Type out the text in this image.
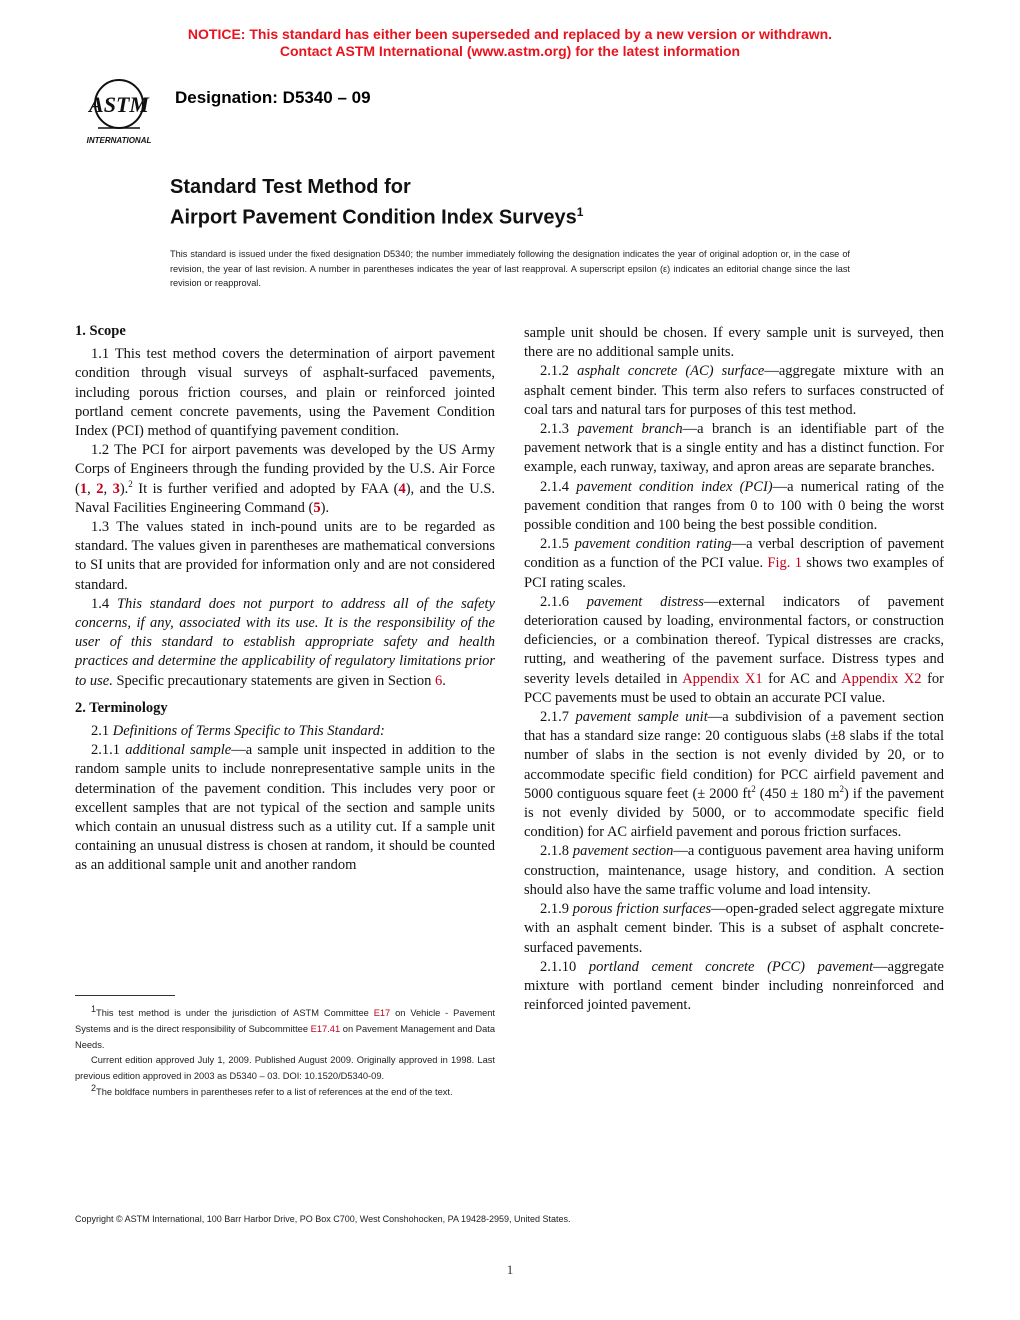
NOTICE: This standard has either been superseded and replaced by a new version or withdrawn.
Contact ASTM International (www.astm.org) for the latest information
ASTM
INTERNATIONAL
Designation: D5340 – 09
Standard Test Method for
Airport Pavement Condition Index Surveys$^1$
This standard is issued under the fixed designation D5340; the number immediately following the designation indicates the year of original adoption or, in the case of revision, the year of last revision. A number in parentheses indicates the year of last reapproval. A superscript epsilon (ε) indicates an editorial change since the last revision or reapproval.

1. Scope

1.1 This test method covers the determination of airport pavement condition through visual surveys of asphalt-surfaced pavements, including porous friction courses, and plain or reinforced jointed portland cement concrete pavements, using the Pavement Condition Index (PCI) method of quantifying pavement condition.

1.2 The PCI for airport pavements was developed by the US Army Corps of Engineers through the funding provided by the U.S. Air Force (1, 2, 3).$^2$ It is further verified and adopted by FAA (4), and the U.S. Naval Facilities Engineering Command (5).

1.3 The values stated in inch-pound units are to be regarded as standard. The values given in parentheses are mathematical conversions to SI units that are provided for information only and are not considered standard.

1.4 This standard does not purport to address all of the safety concerns, if any, associated with its use. It is the responsibility of the user of this standard to establish appropriate safety and health practices and determine the applicability of regulatory limitations prior to use. Specific precautionary statements are given in Section 6.

2. Terminology

2.1 Definitions of Terms Specific to This Standard:

2.1.1 additional sample—a sample unit inspected in addition to the random sample units to include nonrepresentative sample units in the determination of the pavement condition. This includes very poor or excellent samples that are not typical of the section and sample units which contain an unusual distress such as a utility cut. If a sample unit containing an unusual distress is chosen at random, it should be counted as an additional sample unit and another random

sample unit should be chosen. If every sample unit is surveyed, then there are no additional sample units.

2.1.2 asphalt concrete (AC) surface—aggregate mixture with an asphalt cement binder. This term also refers to surfaces constructed of coal tars and natural tars for purposes of this test method.

2.1.3 pavement branch—a branch is an identifiable part of the pavement network that is a single entity and has a distinct function. For example, each runway, taxiway, and apron areas are separate branches.

2.1.4 pavement condition index (PCI)—a numerical rating of the pavement condition that ranges from 0 to 100 with 0 being the worst possible condition and 100 being the best possible condition.

2.1.5 pavement condition rating—a verbal description of pavement condition as a function of the PCI value. Fig. 1 shows two examples of PCI rating scales.

2.1.6 pavement distress—external indicators of pavement deterioration caused by loading, environmental factors, or construction deficiencies, or a combination thereof. Typical distresses are cracks, rutting, and weathering of the pavement surface. Distress types and severity levels detailed in Appendix X1 for AC and Appendix X2 for PCC pavements must be used to obtain an accurate PCI value.

2.1.7 pavement sample unit—a subdivision of a pavement section that has a standard size range: 20 contiguous slabs (±8 slabs if the total number of slabs in the section is not evenly divided by 20, or to accommodate specific field condition) for PCC airfield pavement and 5000 contiguous square feet (± 2000 $ft^2$ (450 ± 180 $m^2$) if the pavement is not evenly divided by 5000, or to accommodate specific field condition) for AC airfield pavement and porous friction surfaces.

2.1.8 pavement section—a contiguous pavement area having uniform construction, maintenance, usage history, and condition. A section should also have the same traffic volume and load intensity.

2.1.9 porous friction surfaces—open-graded select aggregate mixture with an asphalt cement binder. This is a subset of asphalt concrete-surfaced pavements.

2.1.10 portland cement concrete (PCC) pavement—aggregate mixture with portland cement binder including nonreinforced and reinforced jointed pavement.

1This test method is under the jurisdiction of ASTM Committee E17 on Vehicle - Pavement Systems and is the direct responsibility of Subcommittee E17.41 on Pavement Management and Data Needs.

Current edition approved July 1, 2009. Published August 2009. Originally approved in 1998. Last previous edition approved in 2003 as D5340 – 03. DOI: 10.1520/D5340-09.

2The boldface numbers in parentheses refer to a list of references at the end of the text.

Copyright © ASTM International, 100 Barr Harbor Drive, PO Box C700, West Conshohocken, PA 19428-2959, United States.
1
